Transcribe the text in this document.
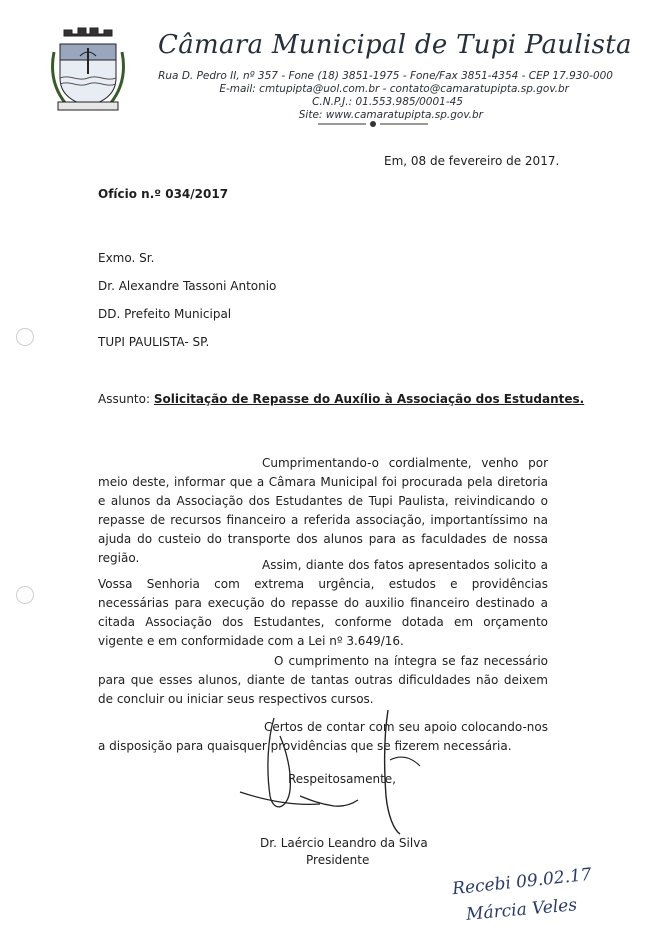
Câmara Municipal de Tupi Paulista
Rua D. Pedro II, nº 357 - Fone (18) 3851-1975 - Fone/Fax 3851-4354 - CEP 17.930-000
E-mail: cmtupipta@uol.com.br - contato@camaratupipta.sp.gov.br
C.N.P.J.: 01.553.985/0001-45
Site: www.camaratupipta.sp.gov.br
Em, 08 de fevereiro de 2017.
Ofício n.º 034/2017
Exmo. Sr.
Dr. Alexandre Tassoni Antonio
DD. Prefeito Municipal
TUPI PAULISTA- SP.
Assunto: Solicitação de Repasse do Auxílio à Associação dos Estudantes.
Cumprimentando-o cordialmente, venho por meio deste, informar que a Câmara Municipal foi procurada pela diretoria e alunos da Associação dos Estudantes de Tupi Paulista, reivindicando o repasse de recursos financeiro a referida associação, importantíssimo na ajuda do custeio do transporte dos alunos para as faculdades de nossa região.	Assim, diante dos fatos apresentados solicito a Vossa Senhoria com extrema urgência, estudos e providências necessárias para execução do repasse do auxilio financeiro destinado a citada Associação dos Estudantes, conforme dotada em orçamento vigente e em conformidade com a Lei nº 3.649/16.
O cumprimento na íntegra se faz necessário para que esses alunos, diante de tantas outras dificuldades não deixem de concluir ou iniciar seus respectivos cursos.
Certos de contar com seu apoio colocando-nos a disposição para quaisquer providências que se fizerem necessária.
Respeitosamente,
Dr. Laércio Leandro da Silva
Presidente
Recebi 09.02.17
Márcia Veles
